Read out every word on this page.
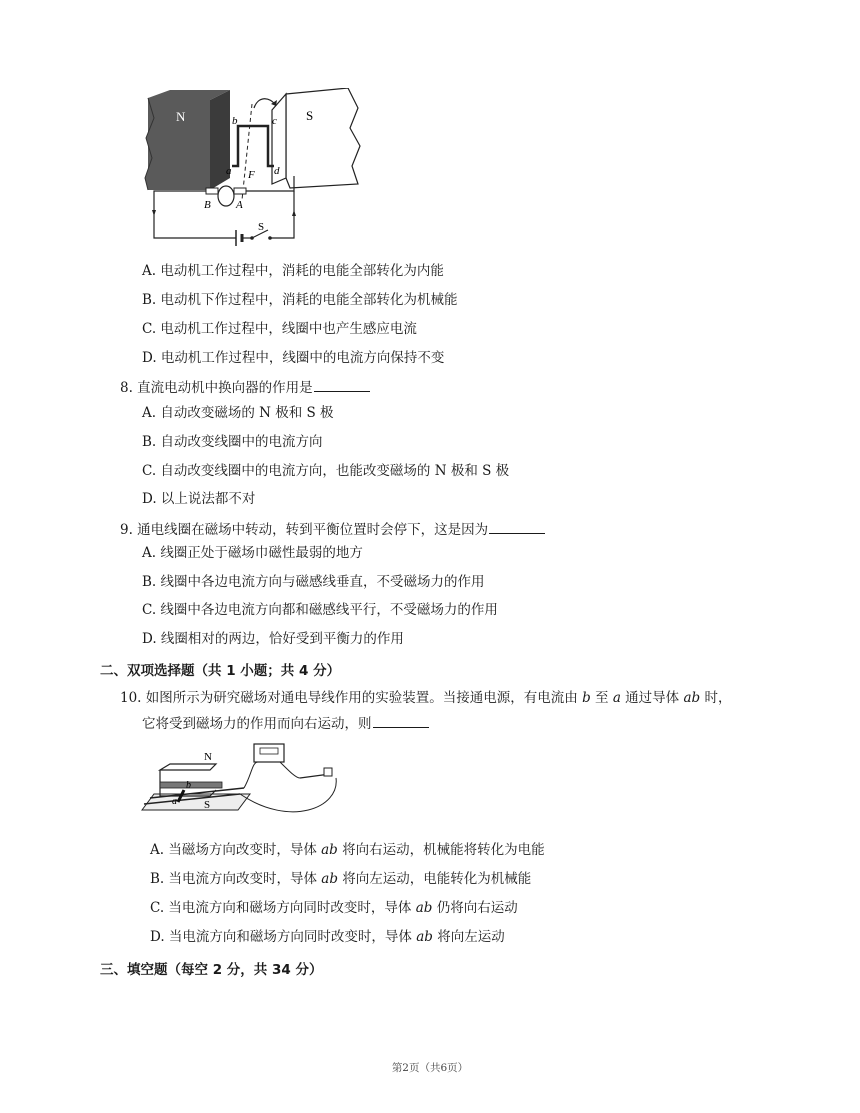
N	S
b	c
a	d
F
B A
S
A. 电动机工作过程中，消耗的电能全部转化为内能
B. 电动机下作过程中，消耗的电能全部转化为机械能
C. 电动机工作过程中，线圈中也产生感应电流
D. 电动机工作过程中，线圈中的电流方向保持不变
8. 直流电动机中换向器的作用是
A. 自动改变磁场的 N 极和 S 极
B. 自动改变线圈中的电流方向
C. 自动改变线圈中的电流方向，也能改变磁场的 N 极和 S 极
D. 以上说法都不对
9. 通电线圈在磁场中转动，转到平衡位置时会停下，这是因为
A. 线圈正处于磁场巾磁性最弱的地方
B. 线圈中各边电流方向与磁感线垂直，不受磁场力的作用
C. 线圈中各边电流方向都和磁感线平行，不受磁场力的作用
D. 线圈相对的两边，恰好受到平衡力的作用
二、双项选择题（共 1 小题；共 4 分）
10. 如图所示为研究磁场对通电导线作用的实验装置。当接通电源，有电流由 b 至 a 通过导体 ab 时，
它将受到磁场力的作用而向右运动，则
N
S
b
a
A. 当磁场方向改变时，导体 ab 将向右运动，机械能将转化为电能
B. 当电流方向改变时，导体 ab 将向左运动，电能转化为机械能
C. 当电流方向和磁场方向同时改变时，导体 ab 仍将向右运动
D. 当电流方向和磁场方向同时改变时，导体 ab 将向左运动
三、填空题（每空 2 分，共 34 分）
第2页（共6页）
